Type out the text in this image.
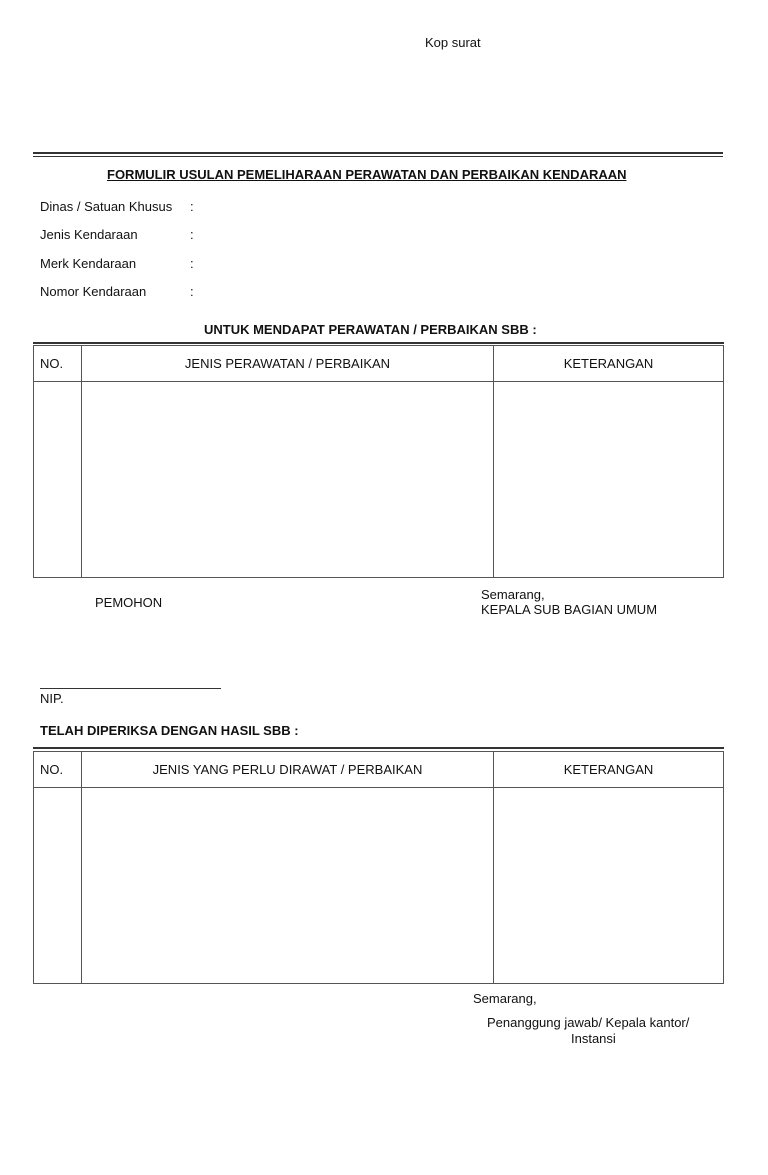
Kop surat
FORMULIR USULAN PEMELIHARAAN PERAWATAN DAN PERBAIKAN KENDARAAN
Dinas / Satuan Khusus :
Jenis Kendaraan	:
Merk Kendaraan	:
Nomor Kendaraan	:
UNTUK MENDAPAT PERAWATAN / PERBAIKAN SBB :
NO.	JENIS PERAWATAN / PERBAIKAN	KETERANGAN

PEMOHON
Semarang,
KEPALA SUB BAGIAN UMUM
NIP.
TELAH DIPERIKSA DENGAN HASIL SBB :
NO.	JENIS YANG PERLU DIRAWAT / PERBAIKAN	KETERANGAN

Semarang,
Penanggung jawab/ Kepala kantor/
Instansi
